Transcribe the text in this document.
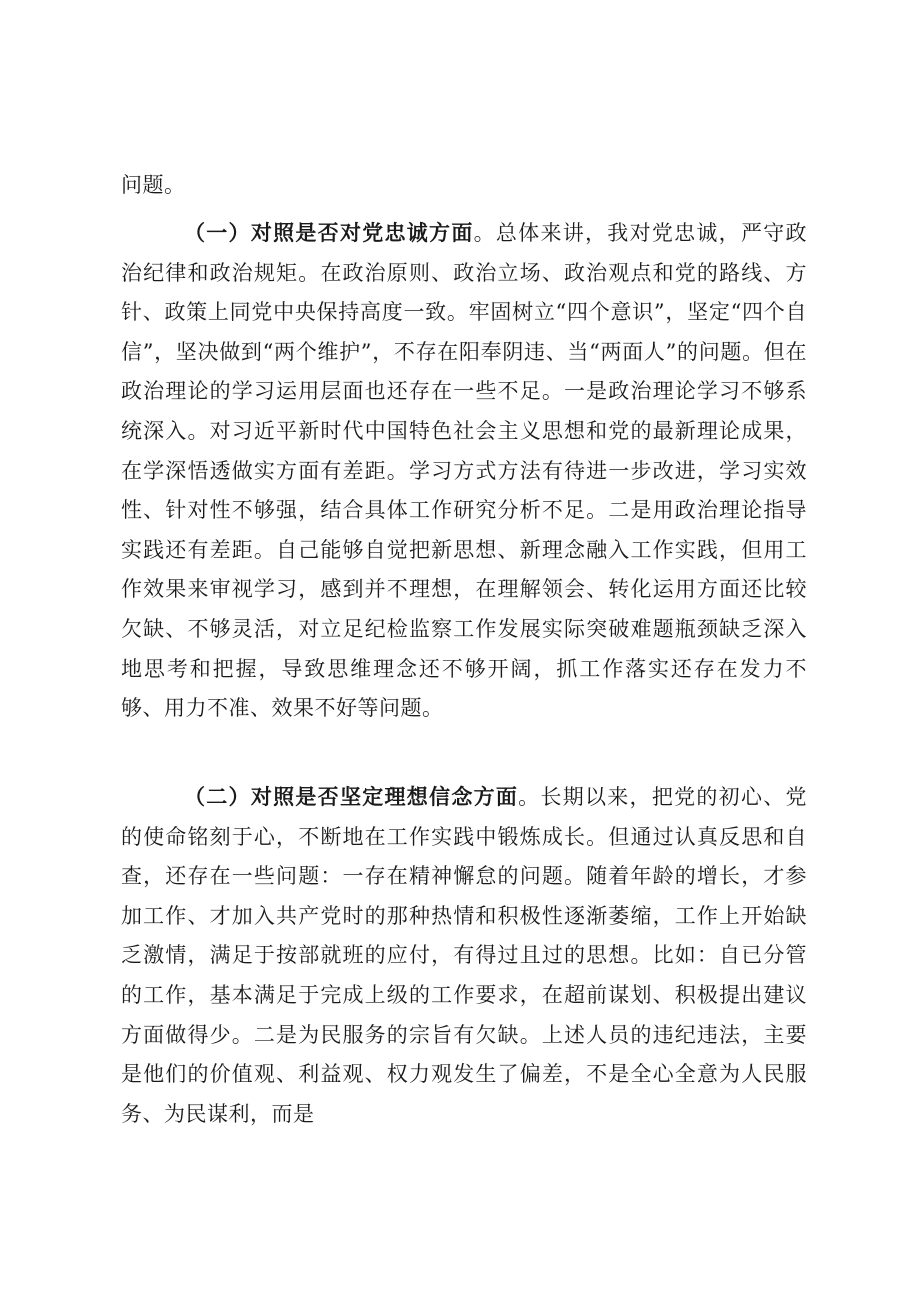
问题。

（一）对照是否对党忠诚方面。总体来讲，我对党忠诚，严守政治纪律和政治规矩。在政治原则、政治立场、政治观点和党的路线、方针、政策上同党中央保持高度一致。牢固树立“四个意识”，坚定“四个自信”，坚决做到“两个维护”，不存在阳奉阴违、当“两面人”的问题。但在政治理论的学习运用层面也还存在一些不足。一是政治理论学习不够系统深入。对习近平新时代中国特色社会主义思想和党的最新理论成果，在学深悟透做实方面有差距。学习方式方法有待进一步改进，学习实效性、针对性不够强，结合具体工作研究分析不足。二是用政治理论指导实践还有差距。自己能够自觉把新思想、新理念融入工作实践，但用工作效果来审视学习，感到并不理想，在理解领会、转化运用方面还比较欠缺、不够灵活，对立足纪检监察工作发展实际突破难题瓶颈缺乏深入地思考和把握，导致思维理念还不够开阔，抓工作落实还存在发力不够、用力不准、效果不好等问题。

（二）对照是否坚定理想信念方面。长期以来，把党的初心、党的使命铭刻于心，不断地在工作实践中锻炼成长。但通过认真反思和自查，还存在一些问题：一存在精神懈怠的问题。随着年龄的增长，才参加工作、才加入共产党时的那种热情和积极性逐渐萎缩，工作上开始缺乏激情，满足于按部就班的应付，有得过且过的思想。比如：自已分管的工作，基本满足于完成上级的工作要求，在超前谋划、积极提出建议方面做得少。二是为民服务的宗旨有欠缺。上述人员的违纪违法，主要是他们的价值观、利益观、权力观发生了偏差，不是全心全意为人民服务、为民谋利，而是
